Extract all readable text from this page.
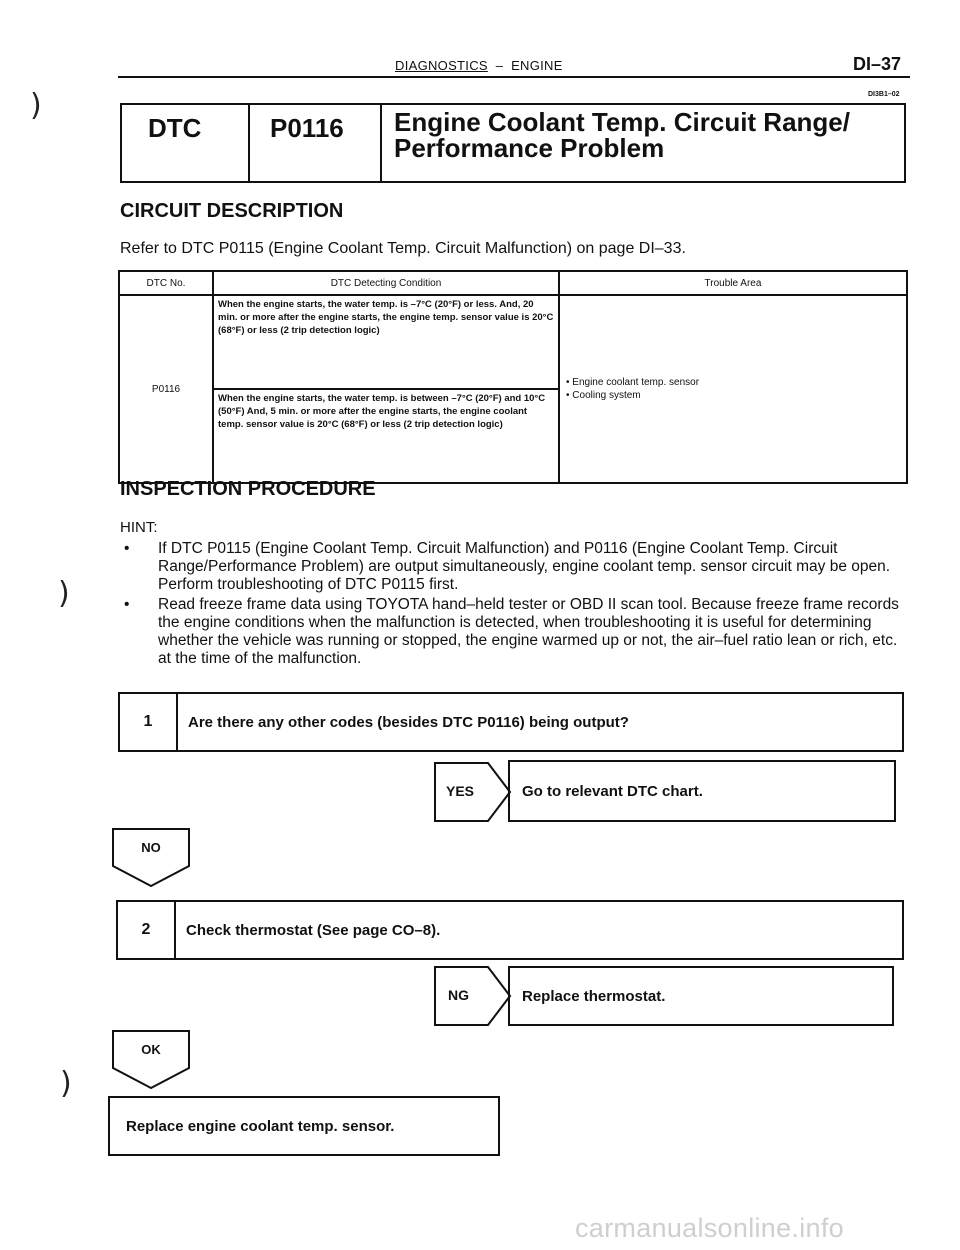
)
)
)
DIAGNOSTICS – ENGINE	DI–37
DI3B1–02
DTC	P0116	Engine Coolant Temp. Circuit Range/
Performance Problem
CIRCUIT DESCRIPTION
Refer to DTC P0115 (Engine Coolant Temp. Circuit Malfunction) on page DI–33.
DTC No.	DTC Detecting Condition	Trouble Area
P0116	When the engine starts, the water temp. is –7°C (20°F) or less. And, 20 min. or more after the engine starts, the engine temp. sensor value is 20°C (68°F) or less (2 trip detection logic)	• Engine coolant temp. sensor
• Cooling system

	When the engine starts, the water temp. is between –7°C (20°F) and 10°C (50°F) And, 5 min. or more after the engine starts, the engine coolant temp. sensor value is 20°C (68°F) or less (2 trip detection logic)	
INSPECTION PROCEDURE
HINT:
• If DTC P0115 (Engine Coolant Temp. Circuit Malfunction) and P0116 (Engine Coolant Temp. Circuit Range/Performance Problem) are output simultaneously, engine coolant temp. sensor circuit may be open. Perform troubleshooting of DTC P0115 first.
• Read freeze frame data using TOYOTA hand–held tester or OBD II scan tool. Because freeze frame records the engine conditions when the malfunction is detected, when troubleshooting it is useful for determining whether the vehicle was running or stopped, the engine warmed up or not, the air–fuel ratio lean or rich, etc. at the time of the malfunction.
1	Are there any other codes (besides DTC P0116) being output?
YES	Go to relevant DTC chart.
NO
2	Check thermostat (See page CO–8).
NG	Replace thermostat.
OK
Replace engine coolant temp. sensor.
carmanualsonline.info
